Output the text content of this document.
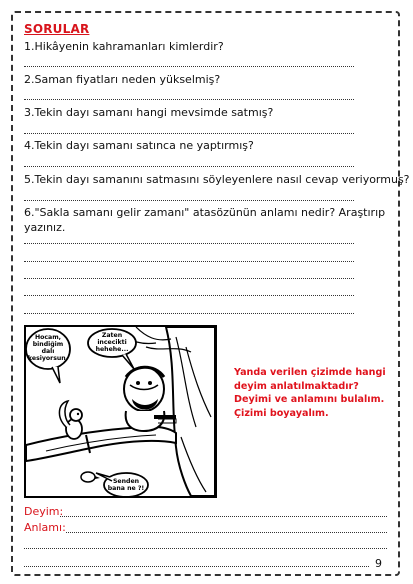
SORULAR
1.Hikâyenin kahramanları kimlerdir?
2.Saman fiyatları neden yükselmiş?
3.Tekin dayı samanı hangi mevsimde satmış?
4.Tekin dayı samanı satınca ne yaptırmış?
5.Tekin dayı samanını satmasını söyleyenlere nasıl cevap veriyormuş?
6."Sakla samanı gelir zamanı" atasözünün anlamı nedir? Araştırıp
yazınız.
Hocam,
bindiğim
dalı
kesiyorsun.
Zaten
incecikti
hehehe...
Senden
bana ne ?!
Yanda verilen çizimde hangi
deyim anlatılmaktadır?
Deyimi ve anlamını bulalım.
Çizimi boyayalım.
Deyim:
Anlamı:
9
